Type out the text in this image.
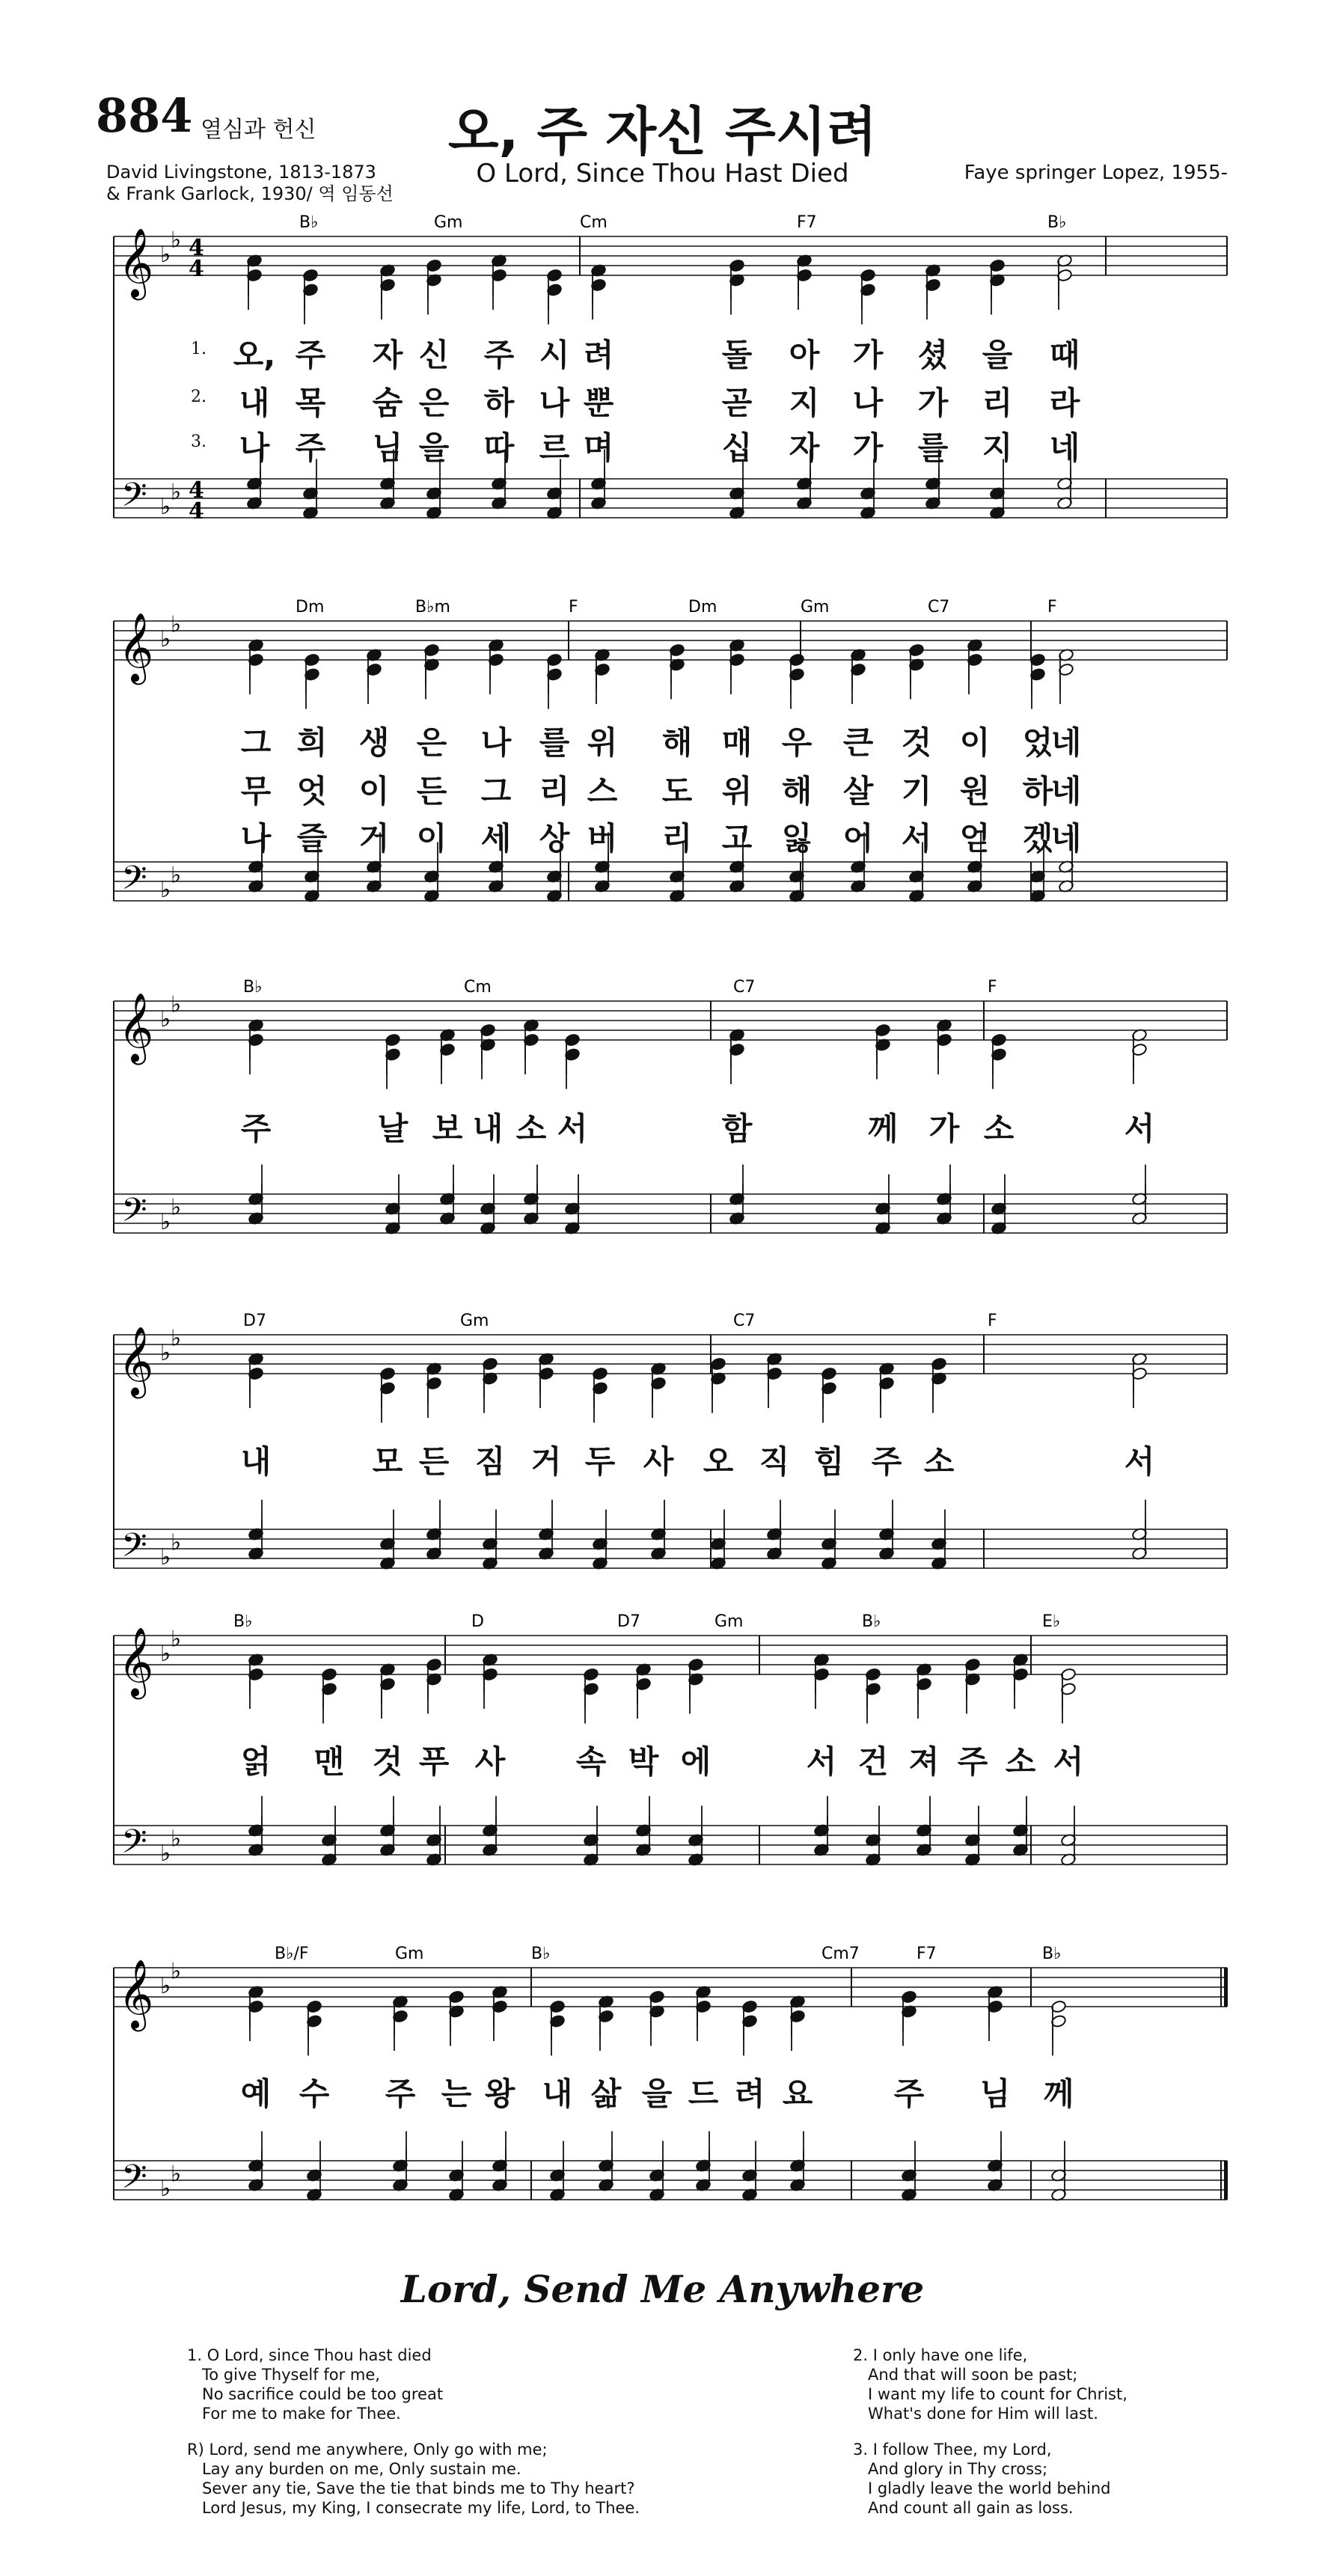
884 열심과 헌신	오, 주 자신 주시려
O Lord, Since Thou Hast Died
David Livingstone, 1813-1873
& Frank Garlock, 1930/ 역 임동선
Faye springer Lopez, 1955-
𝄞
𝄢
♭
♭
♭
♭
4
4
4
4
B♭	Gm	Cm	F7	B♭
𝄞
𝄢
♭
♭
♭
♭
Dm	B♭m	F	Dm	Gm	C7	F
𝄞
𝄢
♭
♭
♭
♭
B♭	Cm	C7	F
𝄞
𝄢
♭
♭
♭
♭
D7	Gm	C7	F
𝄞
𝄢
♭
♭
♭
♭
B♭	D	D7	Gm	B♭	E♭
𝄞
𝄢
♭
♭
♭
♭
B♭/F	Gm	B♭	Cm7	F7	B♭
1. 오, 주	자 신	주 시 려	돌	아	가	셨	을	때
2.	내 목	숨 은	하 나 뿐	곧	지	나	가	리	라
3.	나 주	님 을	따 르 며	십	자	가	를	지	네
그 희	생 은	나 를 위	해 매 우 큰 것 이	었
네
무 엇	이 든	그 리 스	도 위 해 살 기 원	하
네
나 즐	거 이	세 상 버	리 고 잃 어 서 얻	겠
네
주	날 보 내 소 서	함	께 가 소	서
내	모 든 짐 거 두 사 오 직 힘 주 소	서
얽	맨 것 푸 사	속 박 에	서 건 져 주 소 서
예 수	주 는 왕 내 삶 을 드 려 요	주	님	께
Lord, Send Me Anywhere
1. O Lord, since Thou hast died
To give Thyself for me,
No sacrifice could be too great
For me to make for Thee.
R) Lord, send me anywhere, Only go with me;
Lay any burden on me, Only sustain me.
Sever any tie, Save the tie that binds me to Thy heart?
Lord Jesus, my King, I consecrate my life, Lord, to Thee.
2. I only have one life,
And that will soon be past;
I want my life to count for Christ,
What's done for Him will last.
3. I follow Thee, my Lord,
And glory in Thy cross;
I gladly leave the world behind
And count all gain as loss.
